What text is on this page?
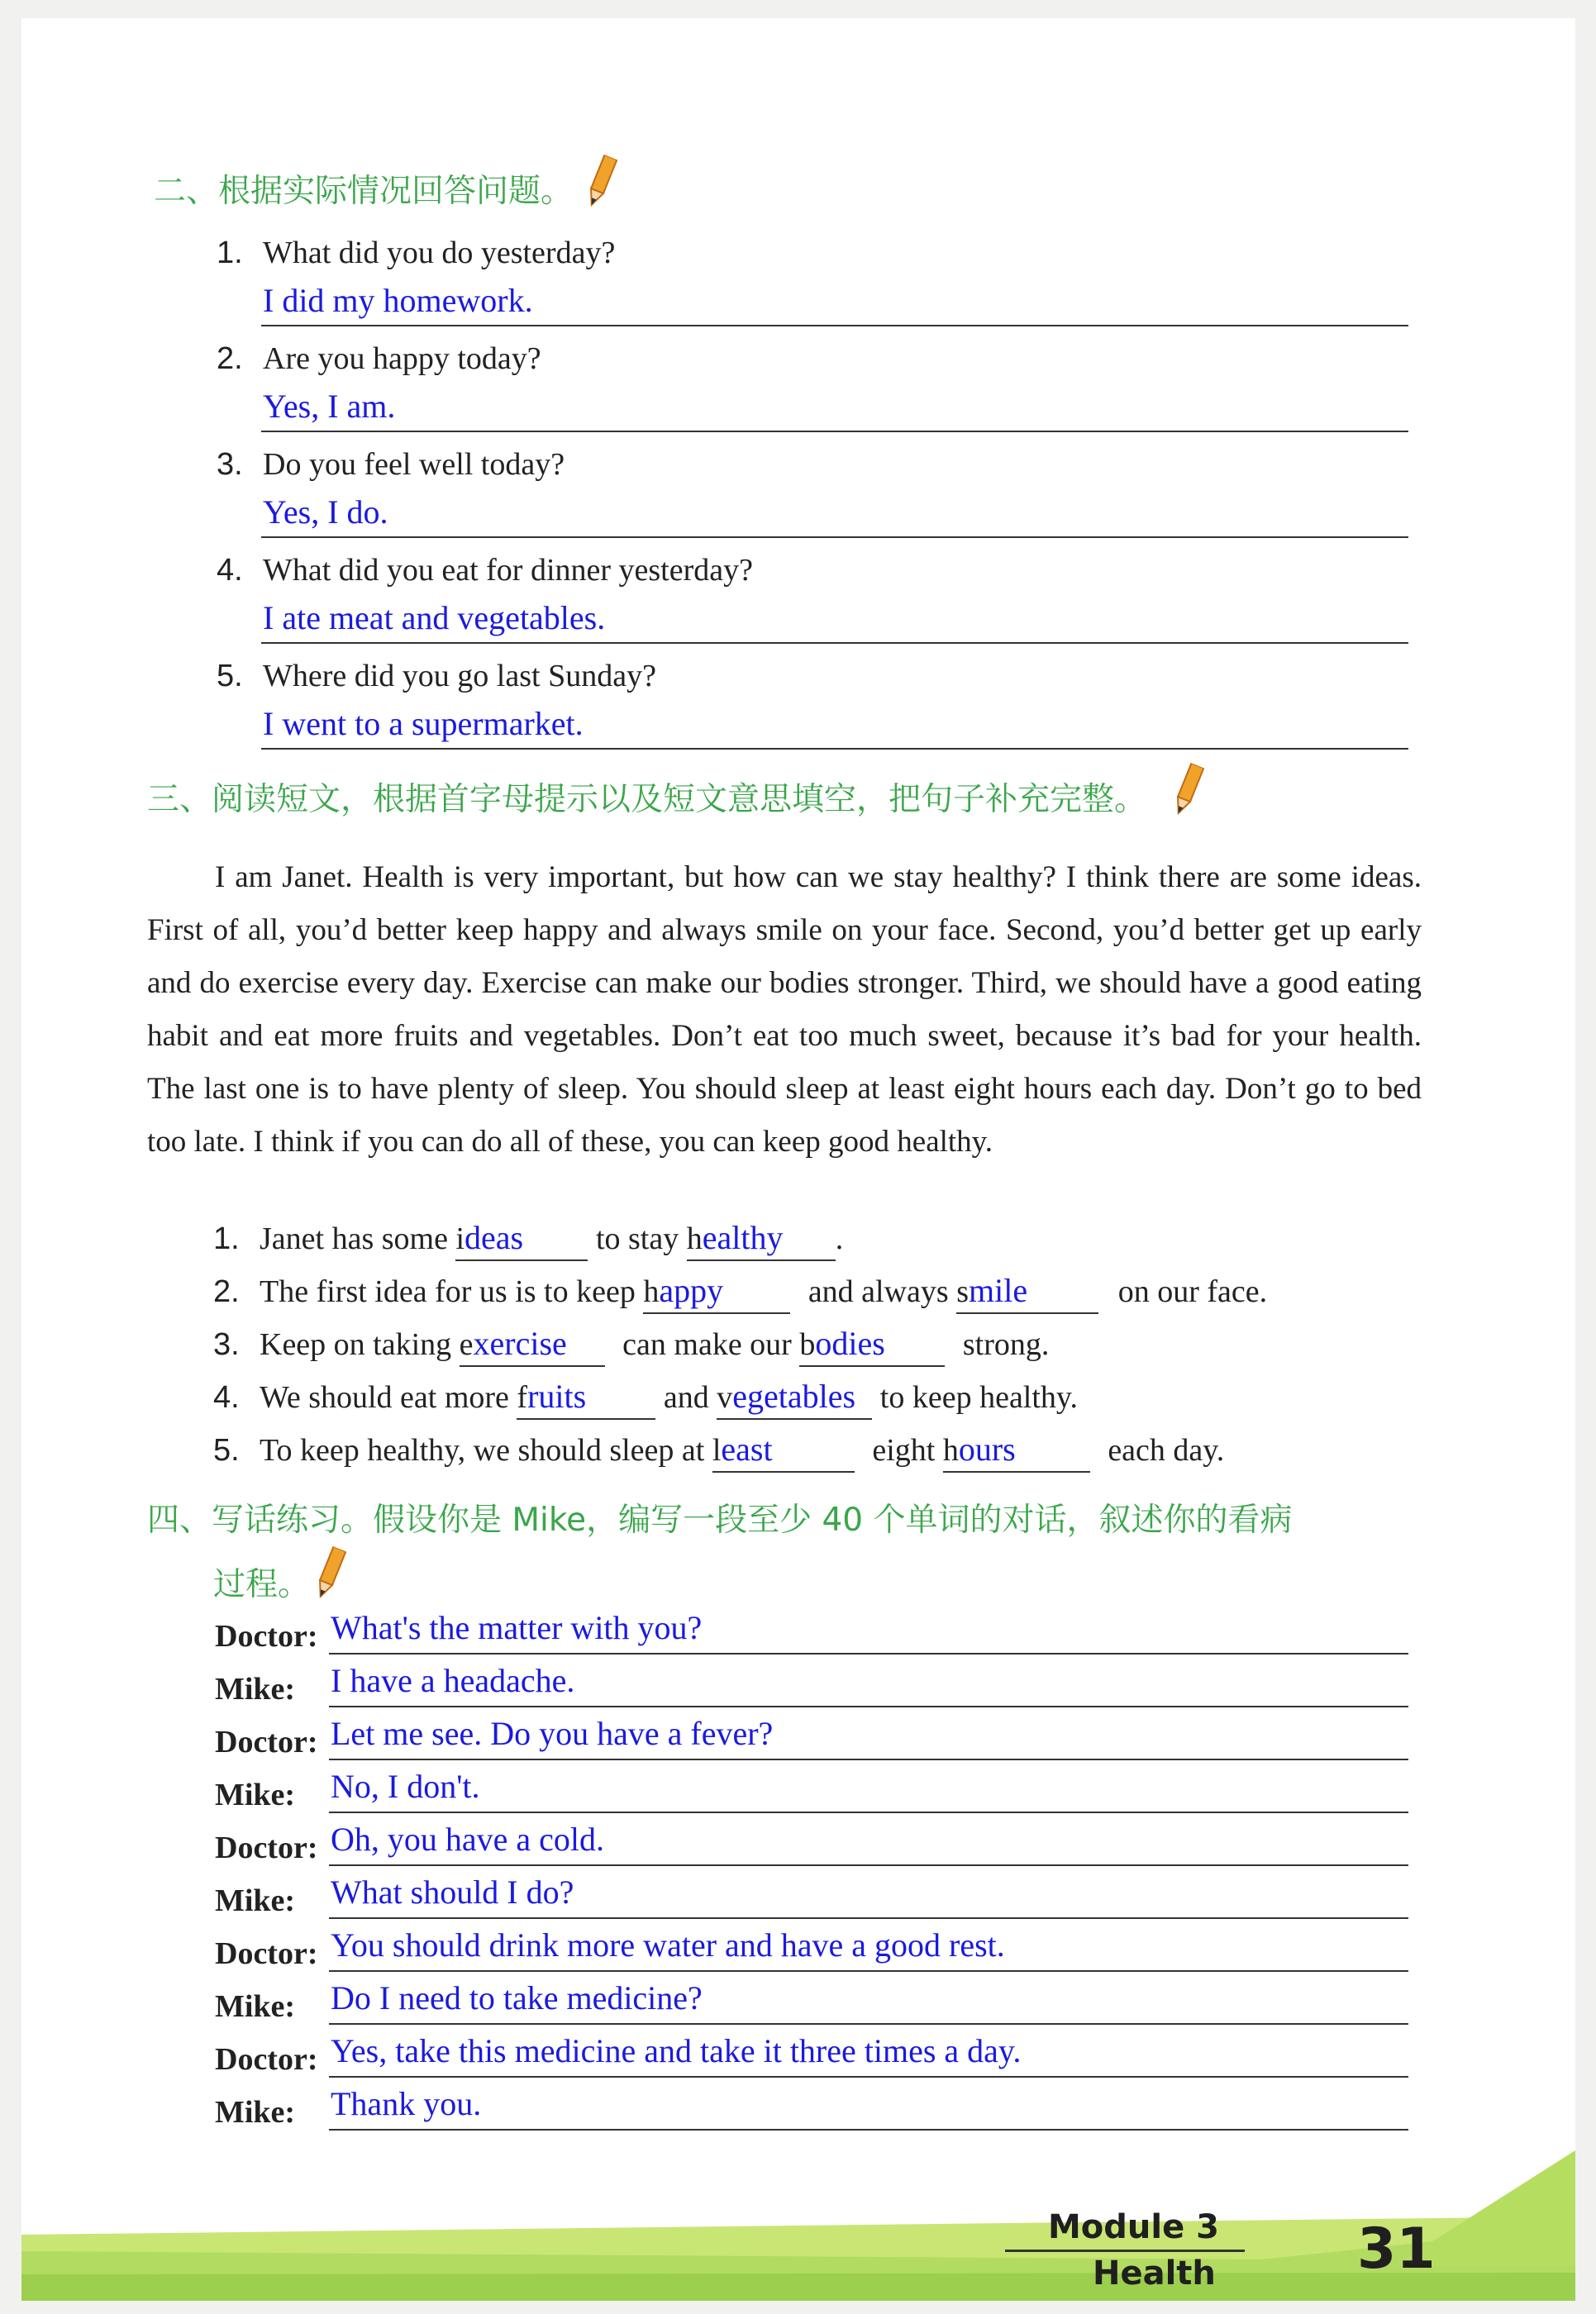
二、根据实际情况回答问题。
1. What did you do yesterday?
I did my homework.
2. Are you happy today?
Yes, I am.
3. Do you feel well today?
Yes, I do.
4. What did you eat for dinner yesterday?
I ate meat and vegetables.
5. Where did you go last Sunday?
I went to a supermarket.
三、阅读短文，根据首字母提示以及短文意思填空，把句子补充完整。
I am Janet. Health is very important, but how can we stay healthy? I think there are some ideas. First of all, you’d better keep happy and always smile on your face. Second, you’d better get up early and do exercise every day. Exercise can make our bodies stronger. Third, we should have a good eating habit and eat more fruits and vegetables. Don’t eat too much sweet, because it’s bad for your health. The last one is to have plenty of sleep. You should sleep at least eight hours each day. Don’t go to bed too late. I think if you can do all of these, you can keep good healthy.
1. Janet has some ideas to stay healthy .
2. The first idea for us is to keep happy	and always smile	on our face.
3. Keep on taking exercise can make our bodies strong.
4. We should eat more fruits and vegetables to keep healthy.
5. To keep healthy, we should sleep at least	eight hours	each day.
四、写话练习。假设你是 Mike，编写一段至少 40 个单词的对话，叙述你的看病
过程。
Doctor: What's the matter with you?
Mike: I have a headache.
Doctor: Let me see. Do you have a fever?
Mike: No, I don't.
Doctor: Oh, you have a cold.
Mike: What should I do?
Doctor: You should drink more water and have a good rest.
Mike: Do I need to take medicine?
Doctor: Yes, take this medicine and take it three times a day.
Mike: Thank you.
Module 3
Health	31
